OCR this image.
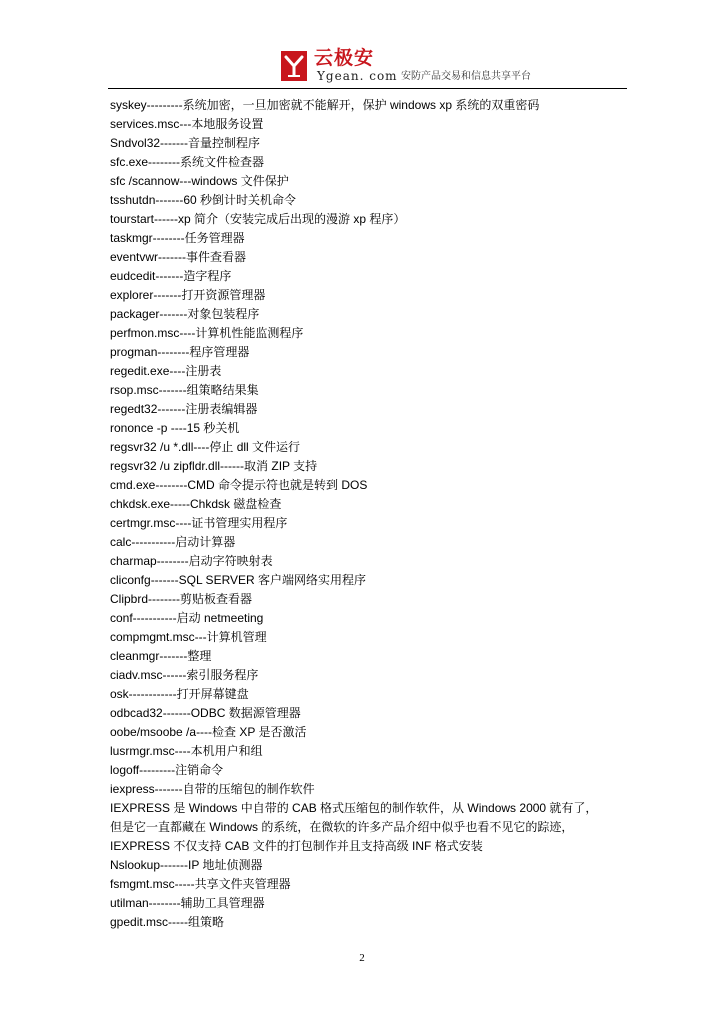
云极安
Ygean. com 安防产品交易和信息共享平台
syskey---------系统加密，一旦加密就不能解开，保护 windows xp 系统的双重密码
services.msc---本地服务设置
Sndvol32-------音量控制程序
sfc.exe--------系统文件检查器
sfc /scannow---windows 文件保护
tsshutdn-------60 秒倒计时关机命令
tourstart------xp 简介（安装完成后出现的漫游 xp 程序）
taskmgr--------任务管理器
eventvwr-------事件查看器
eudcedit-------造字程序
explorer-------打开资源管理器
packager-------对象包装程序
perfmon.msc----计算机性能监测程序
progman--------程序管理器
regedit.exe----注册表
rsop.msc-------组策略结果集
regedt32-------注册表编辑器
rononce -p ----15 秒关机
regsvr32 /u *.dll----停止 dll 文件运行
regsvr32 /u zipfldr.dll------取消 ZIP 支持
cmd.exe--------CMD 命令提示符也就是转到 DOS
chkdsk.exe-----Chkdsk 磁盘检查
certmgr.msc----证书管理实用程序
calc-----------启动计算器
charmap--------启动字符映射表
cliconfg-------SQL SERVER 客户端网络实用程序
Clipbrd--------剪贴板查看器
conf-----------启动 netmeeting
compmgmt.msc---计算机管理
cleanmgr-------整理
ciadv.msc------索引服务程序
osk------------打开屏幕键盘
odbcad32-------ODBC 数据源管理器
oobe/msoobe /a----检查 XP 是否激活
lusrmgr.msc----本机用户和组
logoff---------注销命令
iexpress-------自带的压缩包的制作软件
IEXPRESS 是 Windows 中自带的 CAB 格式压缩包的制作软件，从 Windows 2000 就有了，
但是它一直都藏在 Windows 的系统，在微软的许多产品介绍中似乎也看不见它的踪迹，
IEXPRESS 不仅支持 CAB 文件的打包制作并且支持高级 INF 格式安装
Nslookup-------IP 地址侦测器
fsmgmt.msc-----共享文件夹管理器
utilman--------辅助工具管理器
gpedit.msc-----组策略
2
